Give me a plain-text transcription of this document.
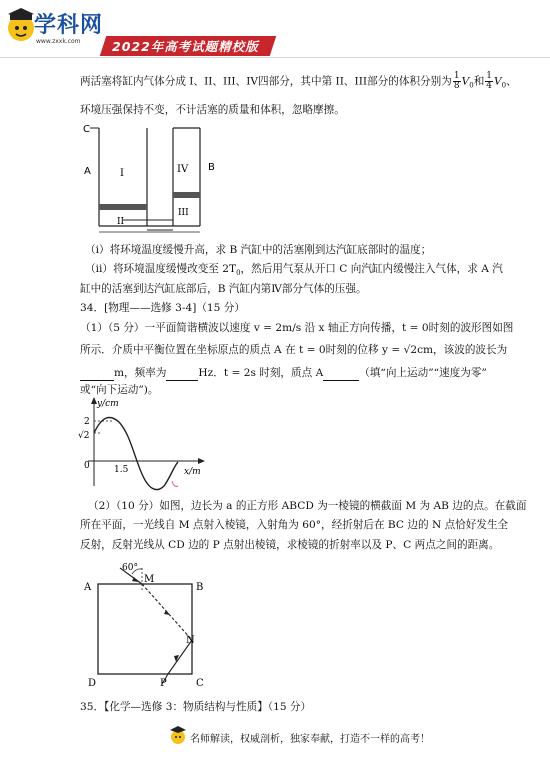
学科网
www.zxxk.com	2022年高考试题精校版
两活塞将缸内气体分成 I、II、III、IV四部分，其中第 II、III部分的体积分别为 $\frac{1}{8} V_0$和 $\frac{1}{4} V_0$、
环境压强保持不变，不计活塞的质量和体积，忽略摩擦。
C
A	B
I
II
III
IV
（i）将环境温度缓慢升高，求 B 汽缸中的活塞刚到达汽缸底部时的温度；
（ii）将环境温度缓慢改变至 $2T_0$，然后用气泵从开口 C 向汽缸内缓慢注入气体，求 A 汽
缸中的活塞到达汽缸底部后，B 汽缸内第Ⅳ部分气体的压强。
34．[物理——选修 3-4]（15 分）
（1）（5 分）一平面简谐横波以速度 v = 2m/s 沿 x 轴正方向传播，t = 0时刻的波形图如图
所示．介质中平衡位置在坐标原点的质点 A 在 t = 0时刻的位移 y = √2cm，该波的波长为
m，频率为	Hz．t = 2s 时刻，质点 A	（填“向上运动”“速度为零”
或“向下运动”)。
y/cm
x/m
2
√2
0	1.5
（2）（10 分）如图，边长为 a 的正方形 ABCD 为一棱镜的横截面 M 为 AB 边的点。在截面
所在平面，一光线自 M 点射入棱镜，入射角为 60°，经折射后在 BC 边的 N 点恰好发生全
反射，反射光线从 CD 边的 P 点射出棱镜，求棱镜的折射率以及 P、C 两点之间的距离。
60°
A
M
B
N
D	P	C
35．【化学—选修 3：物质结构与性质】（15 分）
名师解读，权威剖析，独家奉献，打造不一样的高考！
